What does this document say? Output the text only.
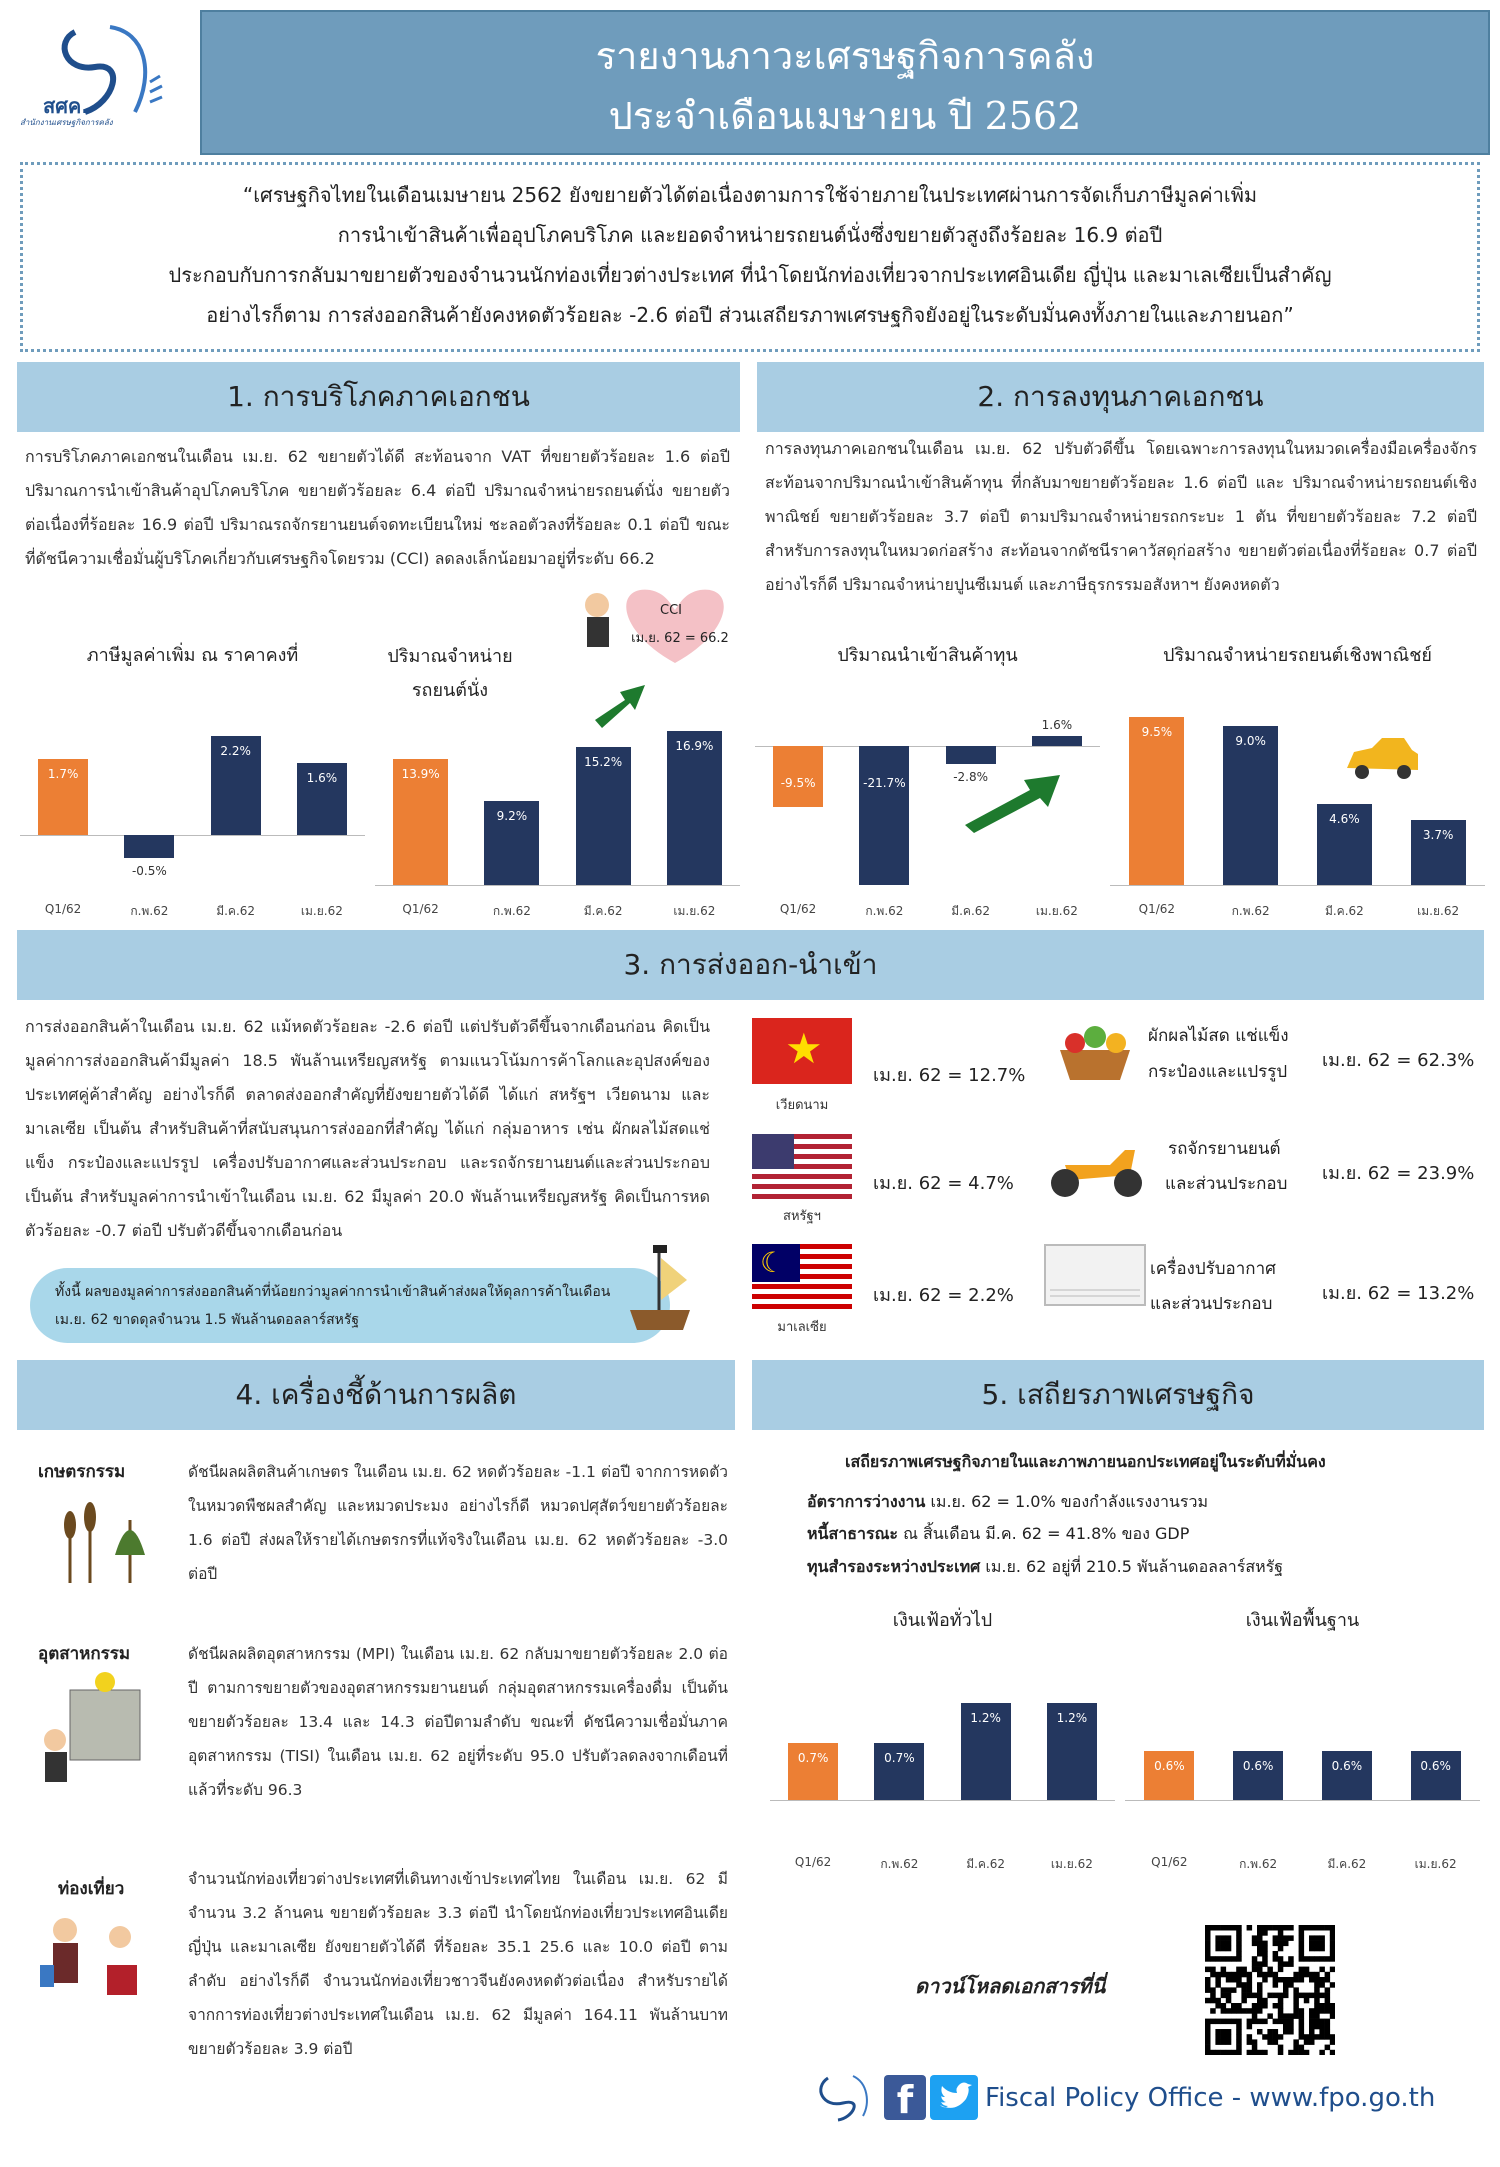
สศค.
สำนักงานเศรษฐกิจการคลัง
รายงานภาวะเศรษฐกิจการคลัง
ประจำเดือนเมษายน ปี 2562
“เศรษฐกิจไทยในเดือนเมษายน 2562 ยังขยายตัวได้ต่อเนื่องตามการใช้จ่ายภายในประเทศผ่านการจัดเก็บภาษีมูลค่าเพิ่ม
การนำเข้าสินค้าเพื่ออุปโภคบริโภค และยอดจำหน่ายรถยนต์นั่งซึ่งขยายตัวสูงถึงร้อยละ 16.9 ต่อปี
ประกอบกับการกลับมาขยายตัวของจำนวนนักท่องเที่ยวต่างประเทศ ที่นำโดยนักท่องเที่ยวจากประเทศอินเดีย ญี่ปุ่น และมาเลเซียเป็นสำคัญ
อย่างไรก็ตาม การส่งออกสินค้ายังคงหดตัวร้อยละ -2.6 ต่อปี ส่วนเสถียรภาพเศรษฐกิจยังอยู่ในระดับมั่นคงทั้งภายในและภายนอก”
1. การบริโภคภาคเอกชน
การบริโภคภาคเอกชนในเดือน เม.ย. 62 ขยายตัวได้ดี สะท้อนจาก VAT ที่ขยายตัวร้อยละ 1.6 ต่อปี ปริมาณการนำเข้าสินค้าอุปโภคบริโภค ขยายตัวร้อยละ 6.4 ต่อปี ปริมาณจำหน่ายรถยนต์นั่ง ขยายตัวต่อเนื่องที่ร้อยละ 16.9 ต่อปี ปริมาณรถจักรยานยนต์จดทะเบียนใหม่ ชะลอตัวลงที่ร้อยละ 0.1 ต่อปี ขณะที่ดัชนีความเชื่อมั่นผู้บริโภคเกี่ยวกับเศรษฐกิจโดยรวม (CCI) ลดลงเล็กน้อยมาอยู่ที่ระดับ 66.2
CCI
เม.ย. 62 = 66.2
2. การลงทุนภาคเอกชน
การลงทุนภาคเอกชนในเดือน เม.ย. 62 ปรับตัวดีขึ้น โดยเฉพาะการลงทุนในหมวดเครื่องมือเครื่องจักร สะท้อนจากปริมาณนำเข้าสินค้าทุน ที่กลับมาขยายตัวร้อยละ 1.6 ต่อปี และ ปริมาณจำหน่ายรถยนต์เชิงพาณิชย์ ขยายตัวร้อยละ 3.7 ต่อปี ตามปริมาณจำหน่ายรถกระบะ 1 ตัน ที่ขยายตัวร้อยละ 7.2 ต่อปี สำหรับการลงทุนในหมวดก่อสร้าง สะท้อนจากดัชนีราคาวัสดุก่อสร้าง ขยายตัวต่อเนื่องที่ร้อยละ 0.7 ต่อปี อย่างไรก็ดี ปริมาณจำหน่ายปูนซีเมนต์ และภาษีธุรกรรมอสังหาฯ ยังคงหดตัว
ภาษีมูลค่าเพิ่ม ณ ราคาคงที่
1.7%
Q1/62
-0.5%
ก.พ.62
2.2%
มี.ค.62
1.6%
เม.ย.62
ปริมาณจำหน่ายรถยนต์นั่ง
13.9%
Q1/62
9.2%
ก.พ.62
15.2%
มี.ค.62
16.9%
เม.ย.62
ปริมาณนำเข้าสินค้าทุน
-9.5%
Q1/62
-21.7%
ก.พ.62
-2.8%
มี.ค.62
1.6%
เม.ย.62
ปริมาณจำหน่ายรถยนต์เชิงพาณิชย์
9.5%
Q1/62
9.0%
ก.พ.62
4.6%
มี.ค.62
3.7%
เม.ย.62
3. การส่งออก-นำเข้า
การส่งออกสินค้าในเดือน เม.ย. 62 แม้หดตัวร้อยละ -2.6 ต่อปี แต่ปรับตัวดีขึ้นจากเดือนก่อน คิดเป็นมูลค่าการส่งออกสินค้ามีมูลค่า 18.5 พันล้านเหรียญสหรัฐ ตามแนวโน้มการค้าโลกและอุปสงค์ของประเทศคู่ค้าสำคัญ อย่างไรก็ดี ตลาดส่งออกสำคัญที่ยังขยายตัวได้ดี ได้แก่ สหรัฐฯ เวียดนาม และมาเลเซีย เป็นต้น สำหรับสินค้าที่สนับสนุนการส่งออกที่สำคัญ ได้แก่ กลุ่มอาหาร เช่น ผักผลไม้สดแช่แข็ง กระป๋องและแปรรูป เครื่องปรับอากาศและส่วนประกอบ และรถจักรยานยนต์และส่วนประกอบ เป็นต้น สำหรับมูลค่าการนำเข้าในเดือน เม.ย. 62 มีมูลค่า 20.0 พันล้านเหรียญสหรัฐ คิดเป็นการหดตัวร้อยละ -0.7 ต่อปี ปรับตัวดีขึ้นจากเดือนก่อน
ทั้งนี้ ผลของมูลค่าการส่งออกสินค้าที่น้อยกว่ามูลค่าการนำเข้าสินค้าส่งผลให้ดุลการค้าในเดือนเม.ย. 62 ขาดดุลจำนวน 1.5 พันล้านดอลลาร์สหรัฐ
★
เวียดนาม
เม.ย. 62 = 12.7%
สหรัฐฯ
เม.ย. 62 = 4.7%
☾
มาเลเซีย
เม.ย. 62 = 2.2%
ผักผลไม้สด แช่แข็ง
กระป๋องและแปรรูป
เม.ย. 62 = 62.3%
รถจักรยานยนต์
และส่วนประกอบ เม.ย. 62 = 23.9%
เครื่องปรับอากาศ
และส่วนประกอบ	เม.ย. 62 = 13.2%
4. เครื่องชี้ด้านการผลิต
เกษตรกรรม	ดัชนีผลผลิตสินค้าเกษตร ในเดือน เม.ย. 62 หดตัวร้อยละ -1.1 ต่อปี จากการหดตัวในหมวดพืชผลสำคัญ และหมวดประมง อย่างไรก็ดี หมวดปศุสัตว์ขยายตัวร้อยละ 1.6 ต่อปี ส่งผลให้รายได้เกษตรกรที่แท้จริงในเดือน เม.ย. 62 หดตัวร้อยละ -3.0 ต่อปี
อุตสาหกรรม	ดัชนีผลผลิตอุตสาหกรรม (MPI) ในเดือน เม.ย. 62 กลับมาขยายตัวร้อยละ 2.0 ต่อปี ตามการขยายตัวของอุตสาหกรรมยานยนต์ กลุ่มอุตสาหกรรมเครื่องดื่ม เป็นต้น ขยายตัวร้อยละ 13.4 และ 14.3 ต่อปีตามลำดับ ขณะที่ ดัชนีความเชื่อมั่นภาคอุตสาหกรรม (TISI) ในเดือน เม.ย. 62 อยู่ที่ระดับ 95.0 ปรับตัวลดลงจากเดือนที่แล้วที่ระดับ 96.3
ท่องเที่ยว	จำนวนนักท่องเที่ยวต่างประเทศที่เดินทางเข้าประเทศไทย ในเดือน เม.ย. 62 มีจำนวน 3.2 ล้านคน ขยายตัวร้อยละ 3.3 ต่อปี นำโดยนักท่องเที่ยวประเทศอินเดีย ญี่ปุ่น และมาเลเซีย ยังขยายตัวได้ดี ที่ร้อยละ 35.1 25.6 และ 10.0 ต่อปี ตามลำดับ อย่างไรก็ดี จำนวนนักท่องเที่ยวชาวจีนยังคงหดตัวต่อเนื่อง สำหรับรายได้จากการท่องเที่ยวต่างประเทศในเดือน เม.ย. 62 มีมูลค่า 164.11 พันล้านบาท ขยายตัวร้อยละ 3.9 ต่อปี
5. เสถียรภาพเศรษฐกิจ
เสถียรภาพเศรษฐกิจภายในและภาพภายนอกประเทศอยู่ในระดับที่มั่นคง
อัตราการว่างงาน เม.ย. 62 = 1.0% ของกำลังแรงงานรวม
หนี้สาธารณะ ณ สิ้นเดือน มี.ค. 62 = 41.8% ของ GDP
ทุนสำรองระหว่างประเทศ เม.ย. 62 อยู่ที่ 210.5 พันล้านดอลลาร์สหรัฐ
เงินเฟ้อทั่วไป
0.7%
Q1/62
0.7%
ก.พ.62
1.2%
มี.ค.62
1.2%
เม.ย.62
เงินเฟ้อพื้นฐาน
0.6%
Q1/62
0.6%
ก.พ.62
0.6%
มี.ค.62
0.6%
เม.ย.62
ดาวน์โหลดเอกสารที่นี่
f	Fiscal Policy Office - www.fpo.go.th
